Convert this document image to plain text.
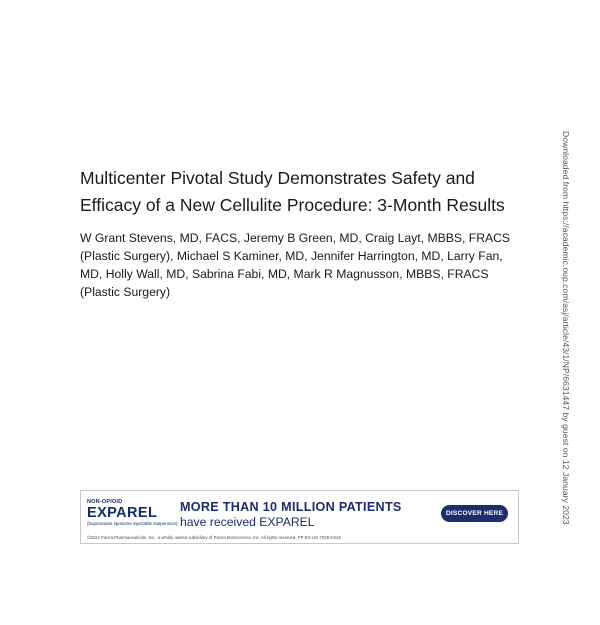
Multicenter Pivotal Study Demonstrates Safety and
Efficacy of a New Cellulite Procedure: 3-Month Results
W Grant Stevens, MD, FACS, Jeremy B Green, MD, Craig Layt, MBBS, FRACS
(Plastic Surgery), Michael S Kaminer, MD, Jennifer Harrington, MD, Larry Fan,
MD, Holly Wall, MD, Sabrina Fabi, MD, Mark R Magnusson, MBBS, FRACS
(Plastic Surgery)	Downloaded from https://academic.oup.com/asj/article/43/1/NP/6631447 by guest on 12 January 2023
NON-OPIOID
EXPAREL
(bupivacaine liposome injectable suspension)
MORE THAN 10 MILLION PATIENTS
have received EXPAREL
DISCOVER HERE
©2022 Pacira Pharmaceuticals, Inc., a wholly owned subsidiary of Pacira BioSciences, Inc. All rights reserved. PP-EX-US-7028 04/22
